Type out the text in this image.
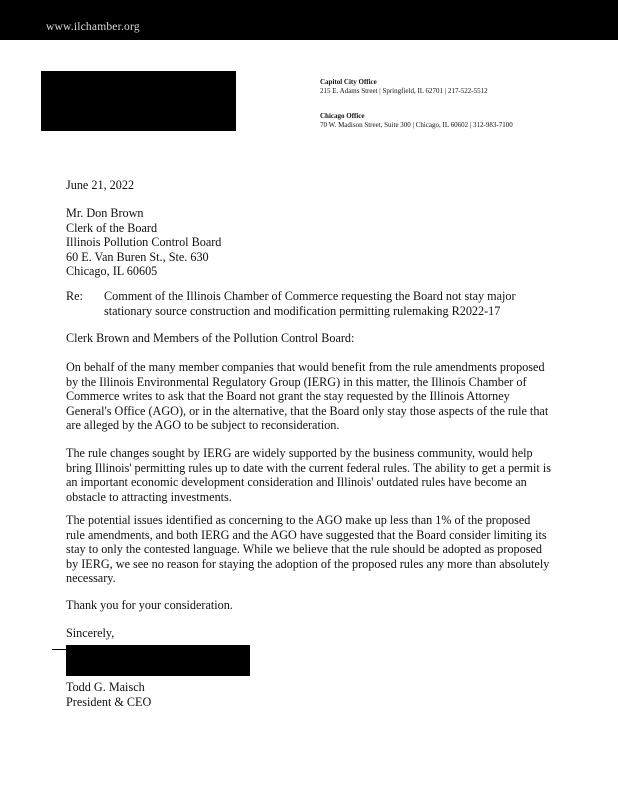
www.ilchamber.org
Capitol City Office
215 E. Adams Street | Springfield, IL 62701 | 217-522-5512
Chicago Office
70 W. Madison Street, Suite 300 | Chicago, IL 60602 | 312-983-7100
June 21, 2022
Mr. Don Brown
Clerk of the Board
Illinois Pollution Control Board
60 E. Van Buren St., Ste. 630
Chicago, IL 60605
Re: Comment of the Illinois Chamber of Commerce requesting the Board not stay major stationary source construction and modification permitting rulemaking R2022-17
Clerk Brown and Members of the Pollution Control Board:
On behalf of the many member companies that would benefit from the rule amendments proposed by the Illinois Environmental Regulatory Group (IERG) in this matter, the Illinois Chamber of Commerce writes to ask that the Board not grant the stay requested by the Illinois Attorney General's Office (AGO), or in the alternative, that the Board only stay those aspects of the rule that are alleged by the AGO to be subject to reconsideration.
The rule changes sought by IERG are widely supported by the business community, would help bring Illinois' permitting rules up to date with the current federal rules. The ability to get a permit is an important economic development consideration and Illinois' outdated rules have become an obstacle to attracting investments.
The potential issues identified as concerning to the AGO make up less than 1% of the proposed rule amendments, and both IERG and the AGO have suggested that the Board consider limiting its stay to only the contested language. While we believe that the rule should be adopted as proposed by IERG, we see no reason for staying the adoption of the proposed rules any more than absolutely necessary.
Thank you for your consideration.
Sincerely,
Todd G. Maisch
President & CEO
